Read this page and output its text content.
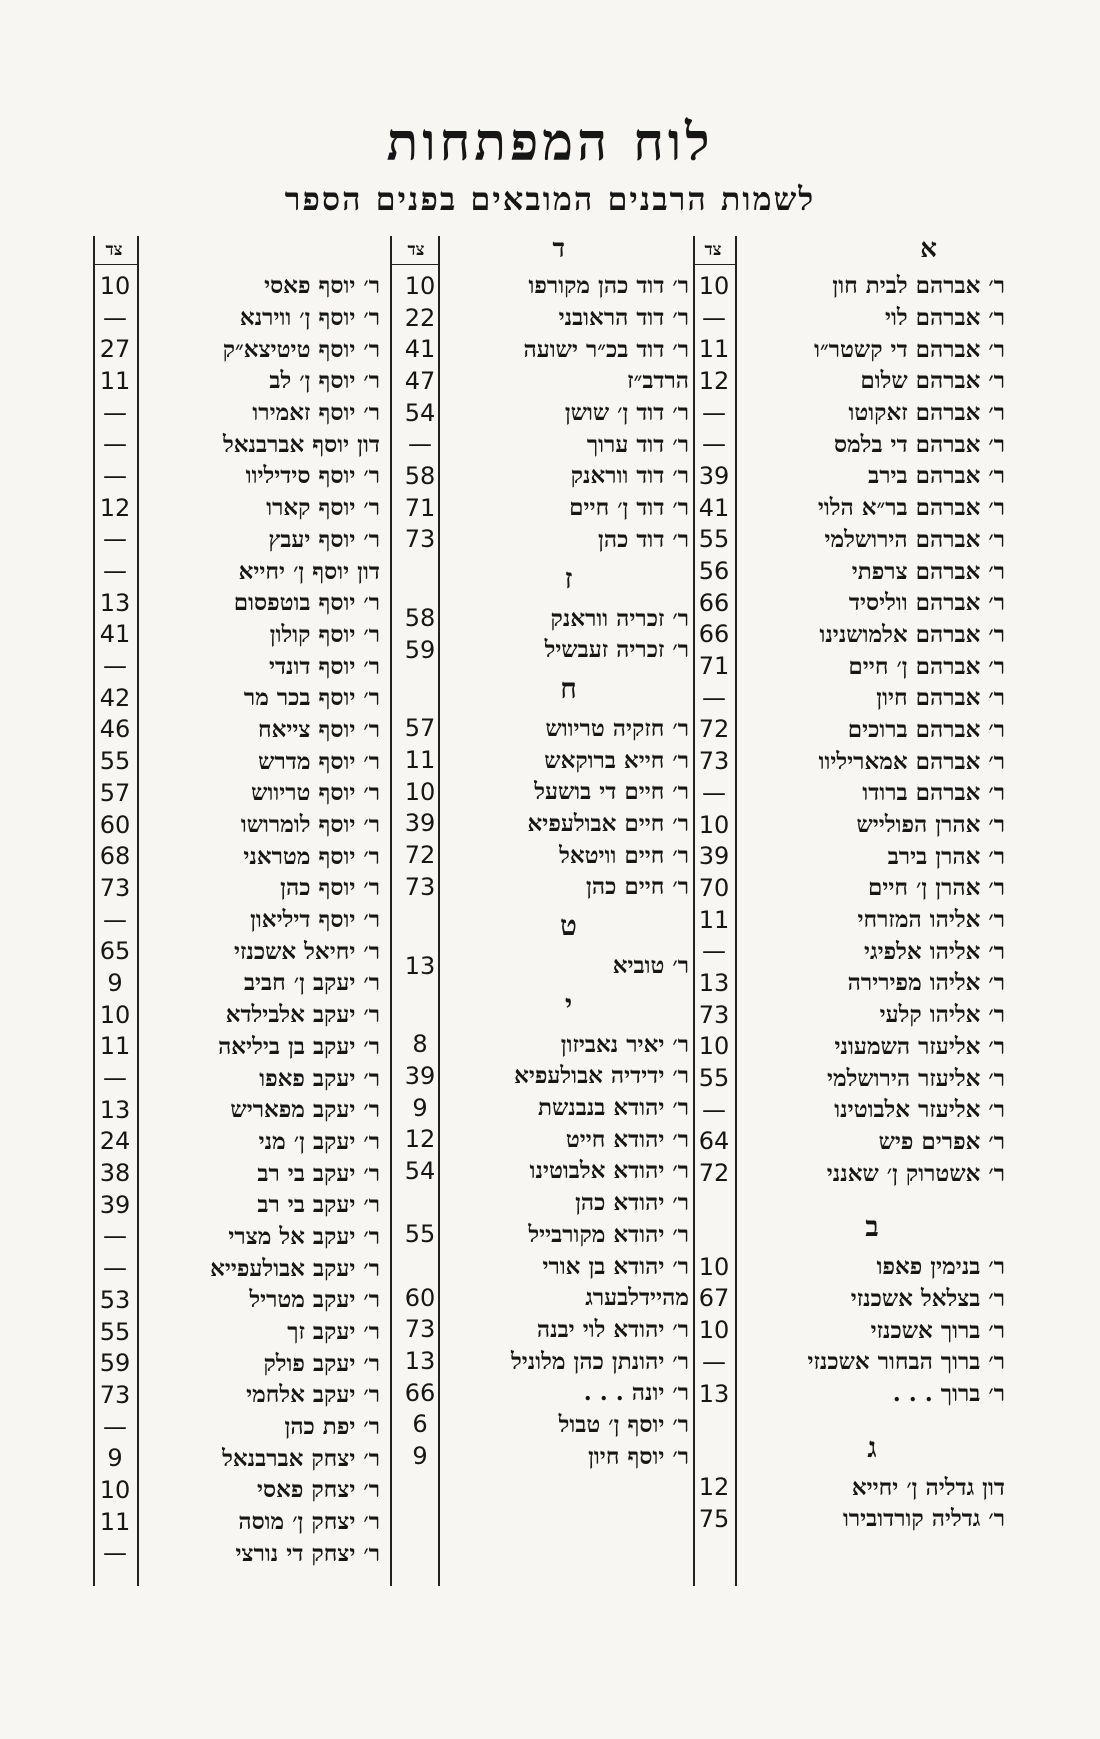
לוח המפתחות
לשמות הרבנים המובאים בפנים הספר
א
צד
ר׳ אברהם לבית חון
10
ר׳ אברהם לוי
—
ר׳ אברהם די קשטר״ו
11
ר׳ אברהם שלום
12
ר׳ אברהם זאקוטו
—
ר׳ אברהם די בלמס
—
ר׳ אברהם בירב
39
ר׳ אברהם בר״א הלוי
41
ר׳ אברהם הירושלמי
55
ר׳ אברהם צרפתי
56
ר׳ אברהם ווליסיד
66
ר׳ אברהם אלמושנינו
66
ר׳ אברהם ן׳ חיים
71
ר׳ אברהם חיון
—
ר׳ אברהם ברוכים
72
ר׳ אברהם אמאריליוו
73
ר׳ אברהם ברודו
—
ר׳ אהרן הפולייש
10
ר׳ אהרן בירב
39
ר׳ אהרן ן׳ חיים
70
ר׳ אליהו המזרחי
11
ר׳ אליהו אלפיגי
—
ר׳ אליהו מפירירה
13
ר׳ אליהו קלעי
73
ר׳ אליעזר השמעוני
10
ר׳ אליעזר הירושלמי
55
ר׳ אליעזר אלבוטינו
—
ר׳ אפרים פיש
64
ר׳ אשטרוק ן׳ שאנני
72
ב
ר׳ בנימין פאפו
10
ר׳ בצלאל אשכנזי
67
ר׳ ברוך אשכנזי
10
ר׳ ברוך הבחור אשכנזי
—
ר׳ ברוך . . .
13
ג
דון גדליה ן׳ יחייא
12
ר׳ גדליה קורדובירו
75
ד
צד
ר׳ דוד כהן מקורפו
10
ר׳ דוד הראובני
22
ר׳ דוד בכ״ר ישועה
41
הרדב״ז
47
ר׳ דוד ן׳ שושן
54
ר׳ דוד ערוך
—
ר׳ דוד ווראנק
58
ר׳ דוד ן׳ חיים
71
ר׳ דוד כהן
73
ז
ר׳ זכריה ווראנק
58
ר׳ זכריה זעבשיל
59
ח
ר׳ חזקיה טריווש
57
ר׳ חייא ברוקאש
11
ר׳ חיים די בושעל
10
ר׳ חיים אבולעפיא
39
ר׳ חיים וויטאל
72
ר׳ חיים כהן
73
ט
ר׳ טוביא
13
י
ר׳ יאיר נאביזון
8
ר׳ ידידיה אבולעפיא
39
ר׳ יהודא בנבנשת
9
ר׳ יהודא חייט
12
ר׳ יהודא אלבוטינו
54
ר׳ יהודא כהן
ר׳ יהודא מקורבייל
55
ר׳ יהודא בן אורי
מהיידלבערג
60
ר׳ יהודא לוי יבנה
73
ר׳ יהונתן כהן מלוניל
13
ר׳ יונה . . .
66
ר׳ יוסף ן׳ טבול
6
ר׳ יוסף חיון
9
צד
ר׳ יוסף פאסי
10
ר׳ יוסף ן׳ ווירנא
—
ר׳ יוסף טיטיצא״ק
27
ר׳ יוסף ן׳ לב
11
ר׳ יוסף זאמירו
—
דון יוסף אברבנאל
—
ר׳ יוסף סידיליוו
—
ר׳ יוסף קארו
12
ר׳ יוסף יעבץ
—
דון יוסף ן׳ יחייא
—
ר׳ יוסף בוטפסום
13
ר׳ יוסף קולון
41
ר׳ יוסף דונדי
—
ר׳ יוסף בכר מר
42
ר׳ יוסף צייאח
46
ר׳ יוסף מדרש
55
ר׳ יוסף טריווש
57
ר׳ יוסף לומרושו
60
ר׳ יוסף מטראני
68
ר׳ יוסף כהן
73
ר׳ יוסף דיליאון
—
ר׳ יחיאל אשכנזי
65
ר׳ יעקב ן׳ חביב
9
ר׳ יעקב אלבילדא
10
ר׳ יעקב בן ביליאה
11
ר׳ יעקב פאפו
—
ר׳ יעקב מפאריש
13
ר׳ יעקב ן׳ מני
24
ר׳ יעקב בי רב
38
ר׳ יעקב בי רב
39
ר׳ יעקב אל מצרי
—
ר׳ יעקב אבולעפייא
—
ר׳ יעקב מטריל
53
ר׳ יעקב זך
55
ר׳ יעקב פולק
59
ר׳ יעקב אלחמי
73
ר׳ יפת כהן
—
ר׳ יצחק אברבנאל
9
ר׳ יצחק פאסי
10
ר׳ יצחק ן׳ מוסה
11
ר׳ יצחק די נורצי
—
